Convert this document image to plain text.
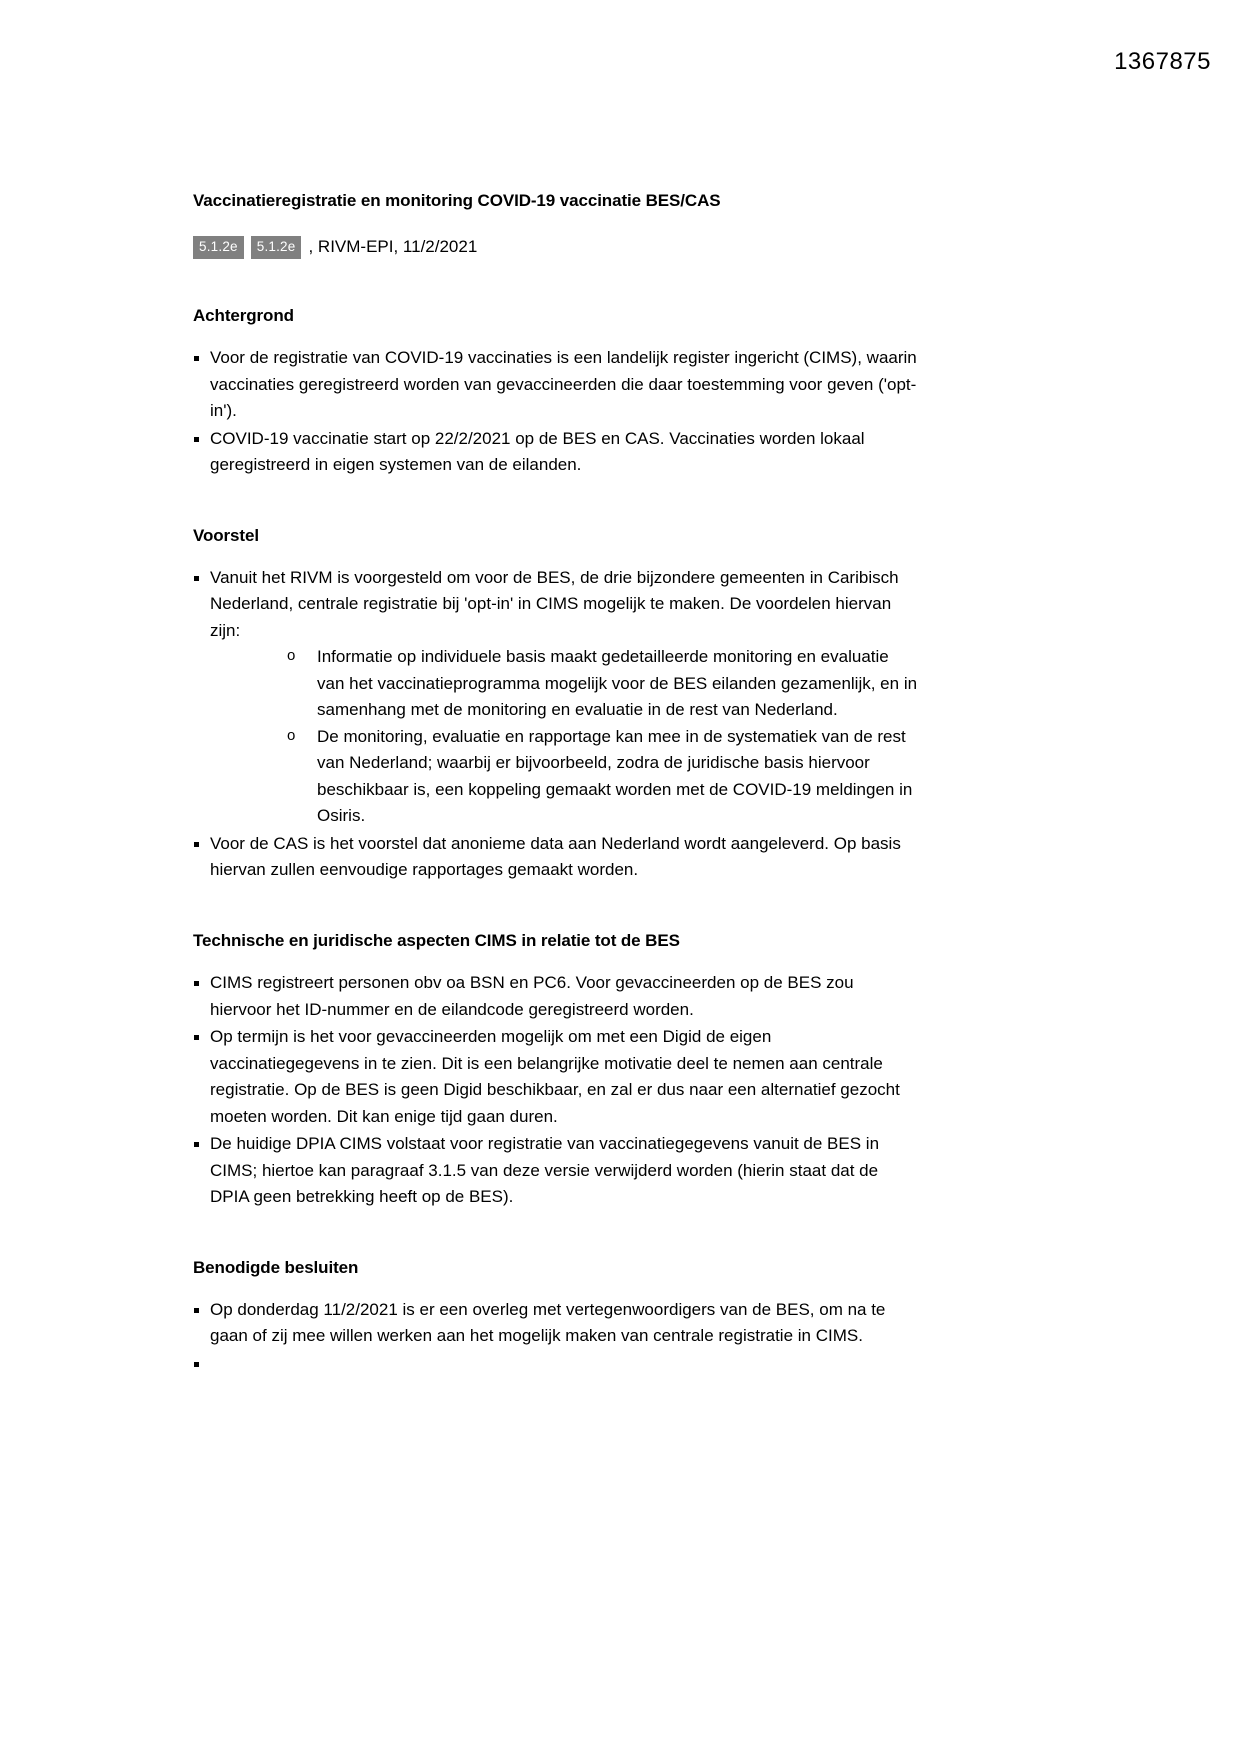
1367875
Vaccinatieregistratie en monitoring COVID-19 vaccinatie BES/CAS
5.1.2e	5.1.2e , RIVM-EPI, 11/2/2021
Achtergrond
Voor de registratie van COVID-19 vaccinaties is een landelijk register ingericht (CIMS), waarin vaccinaties geregistreerd worden van gevaccineerden die daar toestemming voor geven ('opt-in').
COVID-19 vaccinatie start op 22/2/2021 op de BES en CAS. Vaccinaties worden lokaal geregistreerd in eigen systemen van de eilanden.
Voorstel
Vanuit het RIVM is voorgesteld om voor de BES, de drie bijzondere gemeenten in Caribisch Nederland, centrale registratie bij 'opt-in' in CIMS mogelijk te maken. De voordelen hiervan zijn:
o Informatie op individuele basis maakt gedetailleerde monitoring en evaluatie van het vaccinatieprogramma mogelijk voor de BES eilanden gezamenlijk, en in samenhang met de monitoring en evaluatie in de rest van Nederland.
o De monitoring, evaluatie en rapportage kan mee in de systematiek van de rest van Nederland; waarbij er bijvoorbeeld, zodra de juridische basis hiervoor beschikbaar is, een koppeling gemaakt worden met de COVID-19 meldingen in Osiris.
Voor de CAS is het voorstel dat anonieme data aan Nederland wordt aangeleverd. Op basis hiervan zullen eenvoudige rapportages gemaakt worden.
Technische en juridische aspecten CIMS in relatie tot de BES
CIMS registreert personen obv oa BSN en PC6. Voor gevaccineerden op de BES zou hiervoor het ID-nummer en de eilandcode geregistreerd worden.
Op termijn is het voor gevaccineerden mogelijk om met een Digid de eigen vaccinatiegegevens in te zien. Dit is een belangrijke motivatie deel te nemen aan centrale registratie. Op de BES is geen Digid beschikbaar, en zal er dus naar een alternatief gezocht moeten worden. Dit kan enige tijd gaan duren.
De huidige DPIA CIMS volstaat voor registratie van vaccinatiegegevens vanuit de BES in CIMS; hiertoe kan paragraaf 3.1.5 van deze versie verwijderd worden (hierin staat dat de DPIA geen betrekking heeft op de BES).
Benodigde besluiten
Op donderdag 11/2/2021 is er een overleg met vertegenwoordigers van de BES, om na te gaan of zij mee willen werken aan het mogelijk maken van centrale registratie in CIMS.
